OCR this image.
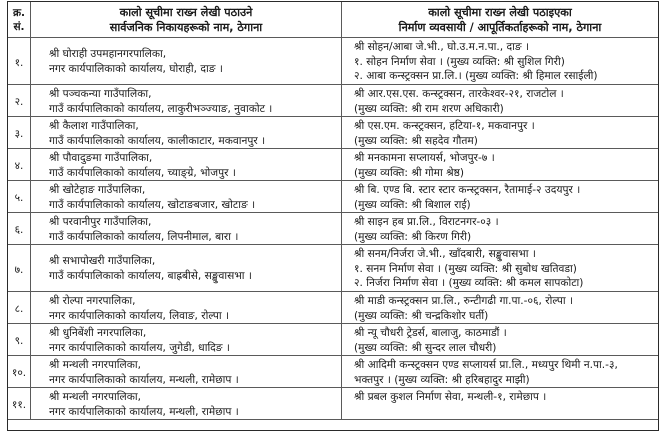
क्र.
सं.
कालो सूचीमा राख्न लेखी पठाउने
सार्वजनिक निकायहरूको नाम, ठेगाना
कालो सूचीमा राख्न लेखी पठाइएका
निर्माण व्यवसायी / आपूर्तिकर्ताहरूको नाम, ठेगाना
१.
श्री घोराही उपमहानगरपालिका,
नगर कार्यपालिकाको कार्यालय, घोराही, दाङ ।
श्री सोहन/आबा जे.भी., घो.उ.म.न.पा., दाङ ।
१. सोहन निर्माण सेवा । (मुख्य व्यक्ति: श्री सुशिल गिरी)
२. आबा कन्स्ट्रक्सन प्रा.लि.। (मुख्य व्यक्ति: श्री हिमाल रसाईली)
२.
श्री पञ्चकन्या गाउँपालिका,
गाउँ कार्यपालिकाको कार्यालय, लाकुरीभञ्ज्याङ, नुवाकोट ।
श्री आर.एस.एस. कन्स्ट्रक्सन, तारकेश्वर-२१, राजटोल ।
(मुख्य व्यक्ति: श्री राम शरण अधिकारी)
३.
श्री कैलाश गाउँपालिका,
गाउँ कार्यपालिकाको कार्यालय, कालीकाटार, मकवानपुर ।
श्री एस.एम. कन्स्ट्रक्सन, हटिया-१, मकवानपुर ।
(मुख्य व्यक्ति: श्री सहदेव गौतम)
४.
श्री पौवादुङमा गाउँपालिका,
गाउँ कार्यपालिकाको कार्यालय, च्याङ्ग्रे, भोजपुर ।
श्री मनकामना सप्लायर्स, भोजपुर-७ ।
(मुख्य व्यक्ति: श्री गोमा श्रेष्ठ)
५.
श्री खोटेहाङ गाउँपालिका,
गाउँ कार्यपालिकाको कार्यालय, खोटाङबजार, खोटाङ ।
श्री बि. एण्ड बि. स्टार स्टार कन्स्ट्रक्सन, रैतामाई-२ उदयपुर ।
(मुख्य व्यक्ति: श्री बिशाल राई)
६.
श्री परवानीपुर गाउँपालिका,
गाउँ कार्यपालिकाको कार्यालय, लिपनीमाल, बारा ।
श्री साइन हब प्रा.लि., विराटनगर-०३ ।
(मुख्य व्यक्ति: श्री किरण गिरी)
७.
श्री सभापोखरी गाउँपालिका,
गाउँ कार्यपालिकाको कार्यालय, बाह्रबीसे, सङ्खुवासभा ।
श्री सनम/निर्जरा जे.भी., खाँदबारी, सङ्खुवासभा ।
१. सनम निर्माण सेवा । (मुख्य व्यक्ति: श्री सुबोध खतिवडा)
२. निर्जरा निर्माण सेवा । (मुख्य व्यक्ति: श्री कमल सापकोटा)
८.
श्री रोल्पा नगरपालिका,
नगर कार्यपालिकाको कार्यालय, लिवाङ, रोल्पा ।
श्री माडी कन्स्ट्रक्सन प्रा.लि., रुन्टीगढी गा.पा.-०६, रोल्पा ।
(मुख्य व्यक्ति: श्री चन्द्रकिशोर घर्ती)
९.
श्री धुनिबेंशी नगरपालिका,
नगर कार्यपालिकाको कार्यालय, जुगेडी, धादिङ ।
श्री न्यू चौधरी ट्रेडर्स, बालाजु, काठमाडौं ।
(मुख्य व्यक्ति: श्री सुन्दर लाल चौधरी)
१०.
श्री मन्थली नगरपालिका,
नगर कार्यपालिकाको कार्यालय, मन्थली, रामेछाप ।
श्री आदिमी कन्स्ट्रक्सन एण्ड सप्लायर्स प्रा.लि., मध्यपुर थिमी न.पा.-३,
भक्तपुर । (मुख्य व्यक्ति: श्री हरिबहादुर माझी)
११.
श्री मन्थली नगरपालिका,
नगर कार्यपालिकाको कार्यालय, मन्थली, रामेछाप ।
श्री प्रबल कुशल निर्माण सेवा, मन्थली-१, रामेछाप ।
